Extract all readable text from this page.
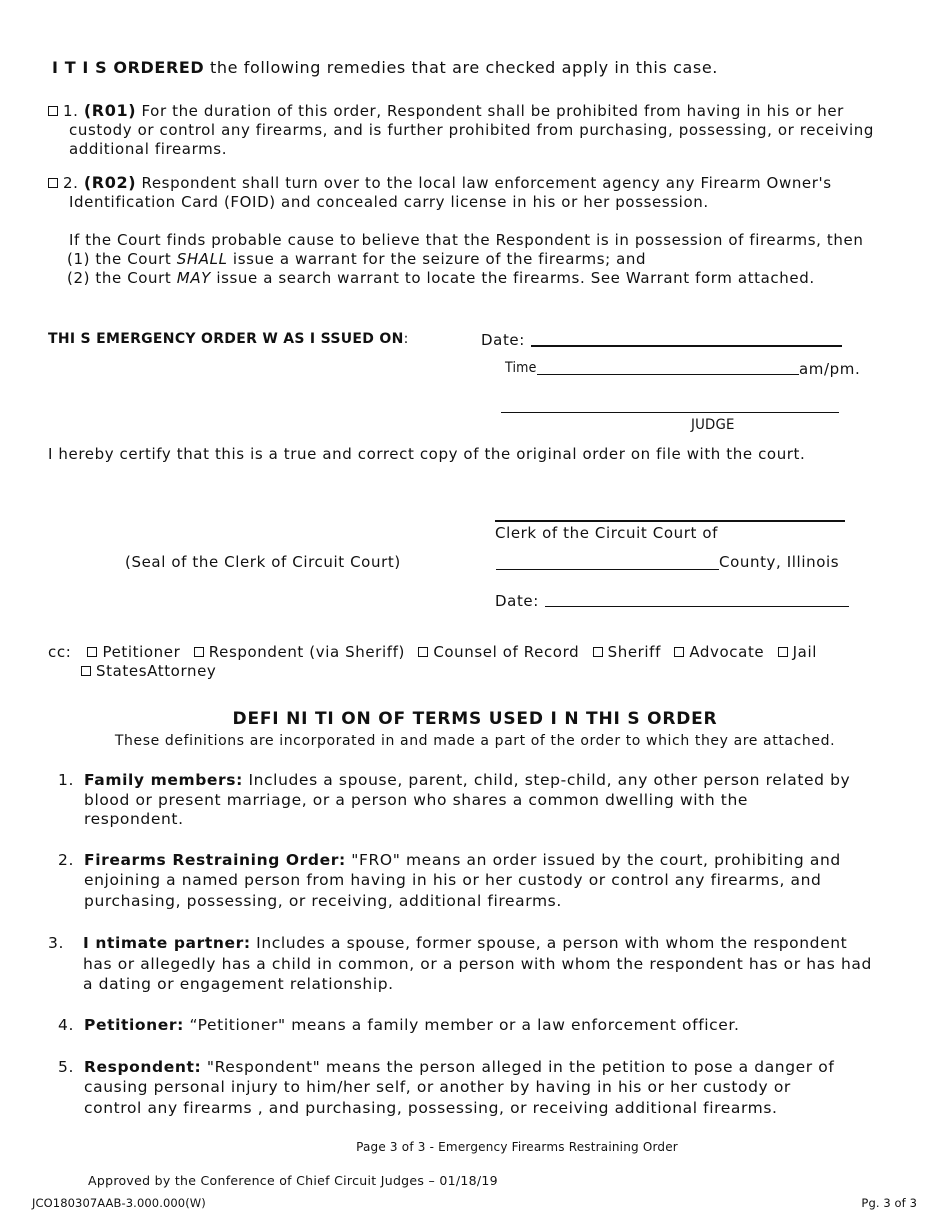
I T I S ORDERED the following remedies that are checked apply in this case.
1. (R01) For the duration of this order, Respondent shall be prohibited from having in his or her
custody or control any firearms, and is further prohibited from purchasing, possessing, or receiving
additional firearms.
2. (R02) Respondent shall turn over to the local law enforcement agency any Firearm Owner's
Identification Card (FOID) and concealed carry license in his or her possession.
If the Court finds probable cause to believe that the Respondent is in possession of firearms, then
(1) the Court SHALL issue a warrant for the seizure of the firearms; and
(2) the Court MAY issue a search warrant to locate the firearms. See Warrant form attached.
THI S EMERGENCY ORDER W AS I SSUED ON:	Date:
Time	am/pm.
JUDGE
I hereby certify that this is a true and correct copy of the original order on file with the court.
Clerk of the Circuit Court of
(Seal of the Clerk of Circuit Court)	County, Illinois
Date:
cc: Petitioner Respondent (via Sheriff) Counsel of Record Sheriff Advocate Jail
StatesAttorney
DEFI NI TI ON OF TERMS USED I N THI S ORDER
These definitions are incorporated in and made a part of the order to which they are attached.
1. Family members: Includes a spouse, parent, child, step-child, any other person related by
blood or present marriage, or a person who shares a common dwelling with the
respondent.
2. Firearms Restraining Order: "FRO" means an order issued by the court, prohibiting and
enjoining a named person from having in his or her custody or control any firearms, and
purchasing, possessing, or receiving, additional firearms.
3. I ntimate partner: Includes a spouse, former spouse, a person with whom the respondent
has or allegedly has a child in common, or a person with whom the respondent has or has had
a dating or engagement relationship.
4. Petitioner: “Petitioner" means a family member or a law enforcement officer.
5. Respondent: "Respondent" means the person alleged in the petition to pose a danger of
causing personal injury to him/her self, or another by having in his or her custody or
control any firearms , and purchasing, possessing, or receiving additional firearms.
Page 3 of 3 - Emergency Firearms Restraining Order
Approved by the Conference of Chief Circuit Judges – 01/18/19
JCO180307AAB-3.000.000(W)	Pg. 3 of 3
